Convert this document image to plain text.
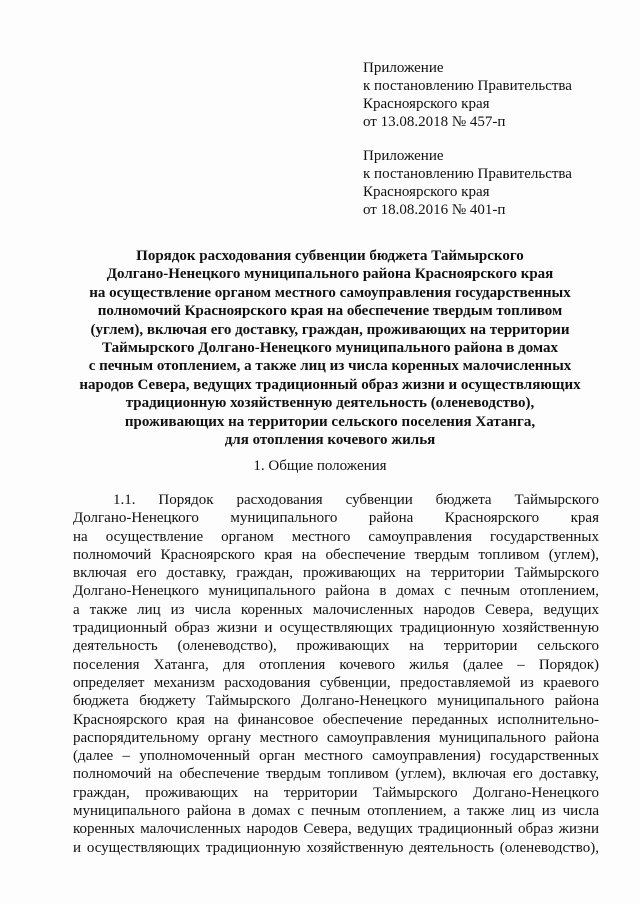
Приложение
к постановлению Правительства
Красноярского края
от 13.08.2018 № 457-п
Приложение
к постановлению Правительства
Красноярского края
от 18.08.2016 № 401-п
Порядок расходования субвенции бюджета Таймырского
Долгано-Ненецкого муниципального района Красноярского края
на осуществление органом местного самоуправления государственных
полномочий Красноярского края на обеспечение твердым топливом
(углем), включая его доставку, граждан, проживающих на территории
Таймырского Долгано-Ненецкого муниципального района в домах
с печным отоплением, а также лиц из числа коренных малочисленных
народов Севера, ведущих традиционный образ жизни и осуществляющих
традиционную хозяйственную деятельность (оленеводство),
проживающих на территории сельского поселения Хатанга,
для отопления кочевого жилья
1. Общие положения
1.1. Порядок расходования субвенции бюджета Таймырского
Долгано-Ненецкого муниципального района Красноярского края
на осуществление органом местного самоуправления государственных
полномочий Красноярского края на обеспечение твердым топливом (углем),
включая его доставку, граждан, проживающих на территории Таймырского
Долгано-Ненецкого муниципального района в домах с печным отоплением,
а также лиц из числа коренных малочисленных народов Севера, ведущих
традиционный образ жизни и осуществляющих традиционную хозяйственную
деятельность (оленеводство), проживающих на территории сельского
поселения Хатанга, для отопления кочевого жилья (далее – Порядок)
определяет механизм расходования субвенции, предоставляемой из краевого
бюджета бюджету Таймырского Долгано-Ненецкого муниципального района
Красноярского края на финансовое обеспечение переданных исполнительно-
распорядительному органу местного самоуправления муниципального района
(далее – уполномоченный орган местного самоуправления) государственных
полномочий на обеспечение твердым топливом (углем), включая его доставку,
граждан, проживающих на территории Таймырского Долгано-Ненецкого
муниципального района в домах с печным отоплением, а также лиц из числа
коренных малочисленных народов Севера, ведущих традиционный образ жизни
и осуществляющих традиционную хозяйственную деятельность (оленеводство),
